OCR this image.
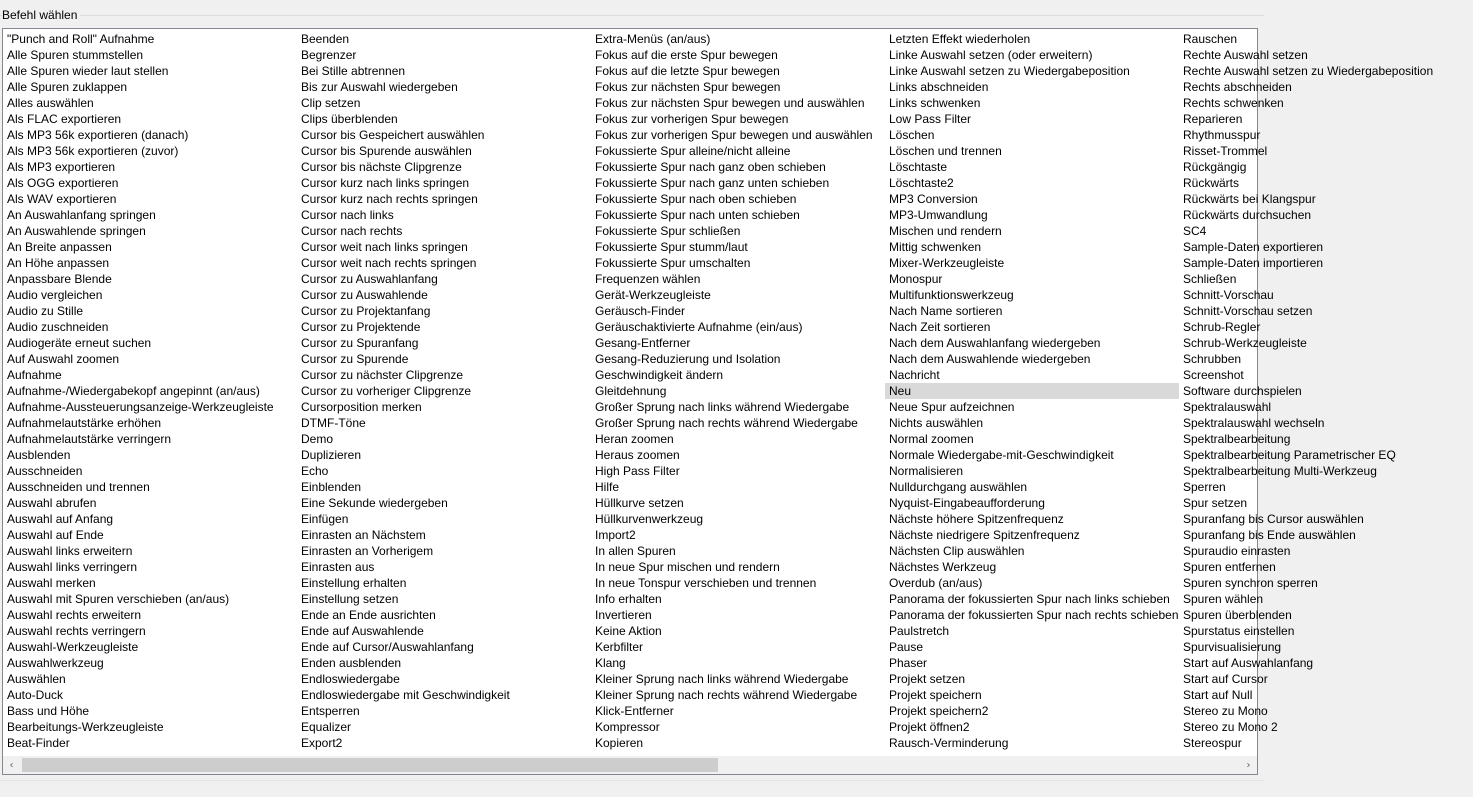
Befehl wählen
"Punch and Roll" Aufnahme
Alle Spuren stummstellen
Alle Spuren wieder laut stellen
Alle Spuren zuklappen
Alles auswählen
Als FLAC exportieren
Als MP3 56k exportieren (danach)
Als MP3 56k exportieren (zuvor)
Als MP3 exportieren
Als OGG exportieren
Als WAV exportieren
An Auswahlanfang springen
An Auswahlende springen
An Breite anpassen
An Höhe anpassen
Anpassbare Blende
Audio vergleichen
Audio zu Stille
Audio zuschneiden
Audiogeräte erneut suchen
Auf Auswahl zoomen
Aufnahme
Aufnahme-/Wiedergabekopf angepinnt (an/aus)
Aufnahme-Aussteuerungsanzeige-Werkzeugleiste
Aufnahmelautstärke erhöhen
Aufnahmelautstärke verringern
Ausblenden
Ausschneiden
Ausschneiden und trennen
Auswahl abrufen
Auswahl auf Anfang
Auswahl auf Ende
Auswahl links erweitern
Auswahl links verringern
Auswahl merken
Auswahl mit Spuren verschieben (an/aus)
Auswahl rechts erweitern
Auswahl rechts verringern
Auswahl-Werkzeugleiste
Auswahlwerkzeug
Auswählen
Auto-Duck
Bass und Höhe
Bearbeitungs-Werkzeugleiste
Beat-Finder
Beenden
Begrenzer
Bei Stille abtrennen
Bis zur Auswahl wiedergeben
Clip setzen
Clips überblenden
Cursor bis Gespeichert auswählen
Cursor bis Spurende auswählen
Cursor bis nächste Clipgrenze
Cursor kurz nach links springen
Cursor kurz nach rechts springen
Cursor nach links
Cursor nach rechts
Cursor weit nach links springen
Cursor weit nach rechts springen
Cursor zu Auswahlanfang
Cursor zu Auswahlende
Cursor zu Projektanfang
Cursor zu Projektende
Cursor zu Spuranfang
Cursor zu Spurende
Cursor zu nächster Clipgrenze
Cursor zu vorheriger Clipgrenze
Cursorposition merken
DTMF-Töne
Demo
Duplizieren
Echo
Einblenden
Eine Sekunde wiedergeben
Einfügen
Einrasten an Nächstem
Einrasten an Vorherigem
Einrasten aus
Einstellung erhalten
Einstellung setzen
Ende an Ende ausrichten
Ende auf Auswahlende
Ende auf Cursor/Auswahlanfang
Enden ausblenden
Endloswiedergabe
Endloswiedergabe mit Geschwindigkeit
Entsperren
Equalizer
Export2
Extra-Menüs (an/aus)
Fokus auf die erste Spur bewegen
Fokus auf die letzte Spur bewegen
Fokus zur nächsten Spur bewegen
Fokus zur nächsten Spur bewegen und auswählen
Fokus zur vorherigen Spur bewegen
Fokus zur vorherigen Spur bewegen und auswählen
Fokussierte Spur alleine/nicht alleine
Fokussierte Spur nach ganz oben schieben
Fokussierte Spur nach ganz unten schieben
Fokussierte Spur nach oben schieben
Fokussierte Spur nach unten schieben
Fokussierte Spur schließen
Fokussierte Spur stumm/laut
Fokussierte Spur umschalten
Frequenzen wählen
Gerät-Werkzeugleiste
Geräusch-Finder
Geräuschaktivierte Aufnahme (ein/aus)
Gesang-Entferner
Gesang-Reduzierung und Isolation
Geschwindigkeit ändern
Gleitdehnung
Großer Sprung nach links während Wiedergabe
Großer Sprung nach rechts während Wiedergabe
Heran zoomen
Heraus zoomen
High Pass Filter
Hilfe
Hüllkurve setzen
Hüllkurvenwerkzeug
Import2
In allen Spuren
In neue Spur mischen und rendern
In neue Tonspur verschieben und trennen
Info erhalten
Invertieren
Keine Aktion
Kerbfilter
Klang
Kleiner Sprung nach links während Wiedergabe
Kleiner Sprung nach rechts während Wiedergabe
Klick-Entferner
Kompressor
Kopieren
Letzten Effekt wiederholen
Linke Auswahl setzen (oder erweitern)
Linke Auswahl setzen zu Wiedergabeposition
Links abschneiden
Links schwenken
Low Pass Filter
Löschen
Löschen und trennen
Löschtaste
Löschtaste2
MP3 Conversion
MP3-Umwandlung
Mischen und rendern
Mittig schwenken
Mixer-Werkzeugleiste
Monospur
Multifunktionswerkzeug
Nach Name sortieren
Nach Zeit sortieren
Nach dem Auswahlanfang wiedergeben
Nach dem Auswahlende wiedergeben
Nachricht
Neu
Neue Spur aufzeichnen
Nichts auswählen
Normal zoomen
Normale Wiedergabe-mit-Geschwindigkeit
Normalisieren
Nulldurchgang auswählen
Nyquist-Eingabeaufforderung
Nächste höhere Spitzenfrequenz
Nächste niedrigere Spitzenfrequenz
Nächsten Clip auswählen
Nächstes Werkzeug
Overdub (an/aus)
Panorama der fokussierten Spur nach links schieben
Panorama der fokussierten Spur nach rechts schieben
Paulstretch
Pause
Phaser
Projekt setzen
Projekt speichern
Projekt speichern2
Projekt öffnen2
Rausch-Verminderung
Rauschen
Rechte Auswahl setzen
Rechte Auswahl setzen zu Wiedergabeposition
Rechts abschneiden
Rechts schwenken
Reparieren
Rhythmusspur
Risset-Trommel
Rückgängig
Rückwärts
Rückwärts bei Klangspur
Rückwärts durchsuchen
SC4
Sample-Daten exportieren
Sample-Daten importieren
Schließen
Schnitt-Vorschau
Schnitt-Vorschau setzen
Schrub-Regler
Schrub-Werkzeugleiste
Schrubben
Screenshot
Software durchspielen
Spektralauswahl
Spektralauswahl wechseln
Spektralbearbeitung
Spektralbearbeitung Parametrischer EQ
Spektralbearbeitung Multi-Werkzeug
Sperren
Spur setzen
Spuranfang bis Cursor auswählen
Spuranfang bis Ende auswählen
Spuraudio einrasten
Spuren entfernen
Spuren synchron sperren
Spuren wählen
Spuren überblenden
Spurstatus einstellen
Spurvisualisierung
Start auf Auswahlanfang
Start auf Cursor
Start auf Null
Stereo zu Mono
Stereo zu Mono 2
Stereospur
‹	›
